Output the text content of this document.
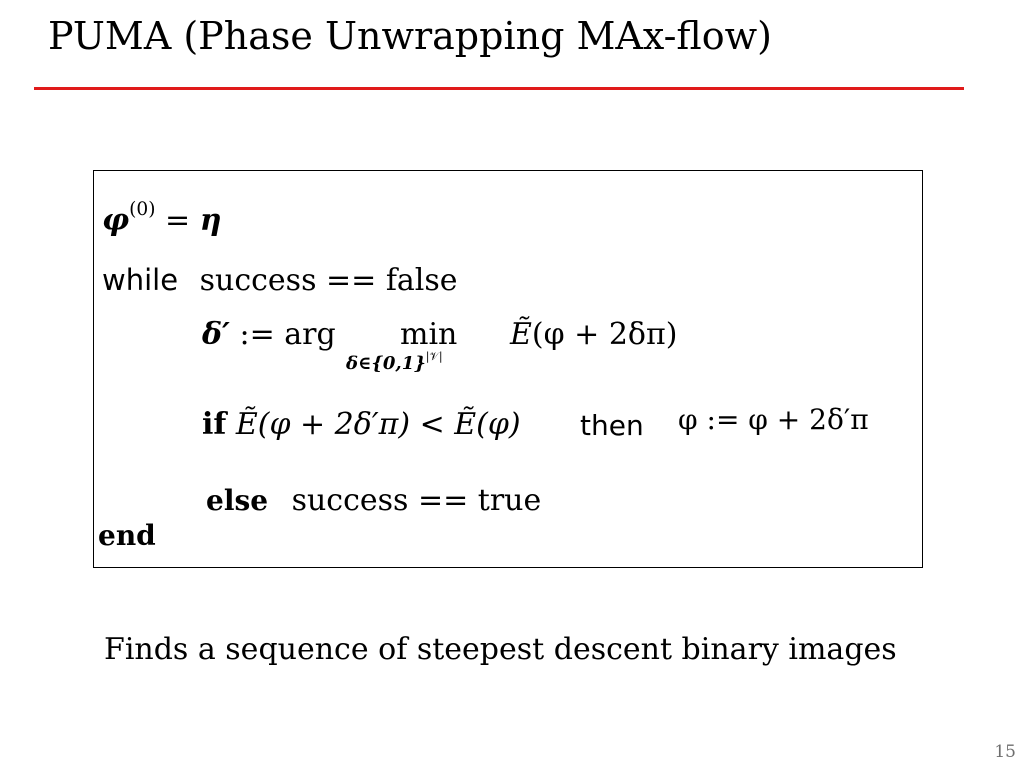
PUMA (Phase Unwrapping MAx-flow)
$\varphi^{(0)} = \eta$
while success == false
δ′ := arg min
$\delta\in\{0,1\}^{|𝒱|}$
Ẽ(φ + 2δπ)
if Ẽ(φ + 2δ′π) < Ẽ(φ) then φ := φ + 2δ′π
else success == true
end
Finds a sequence of steepest descent binary images
15
